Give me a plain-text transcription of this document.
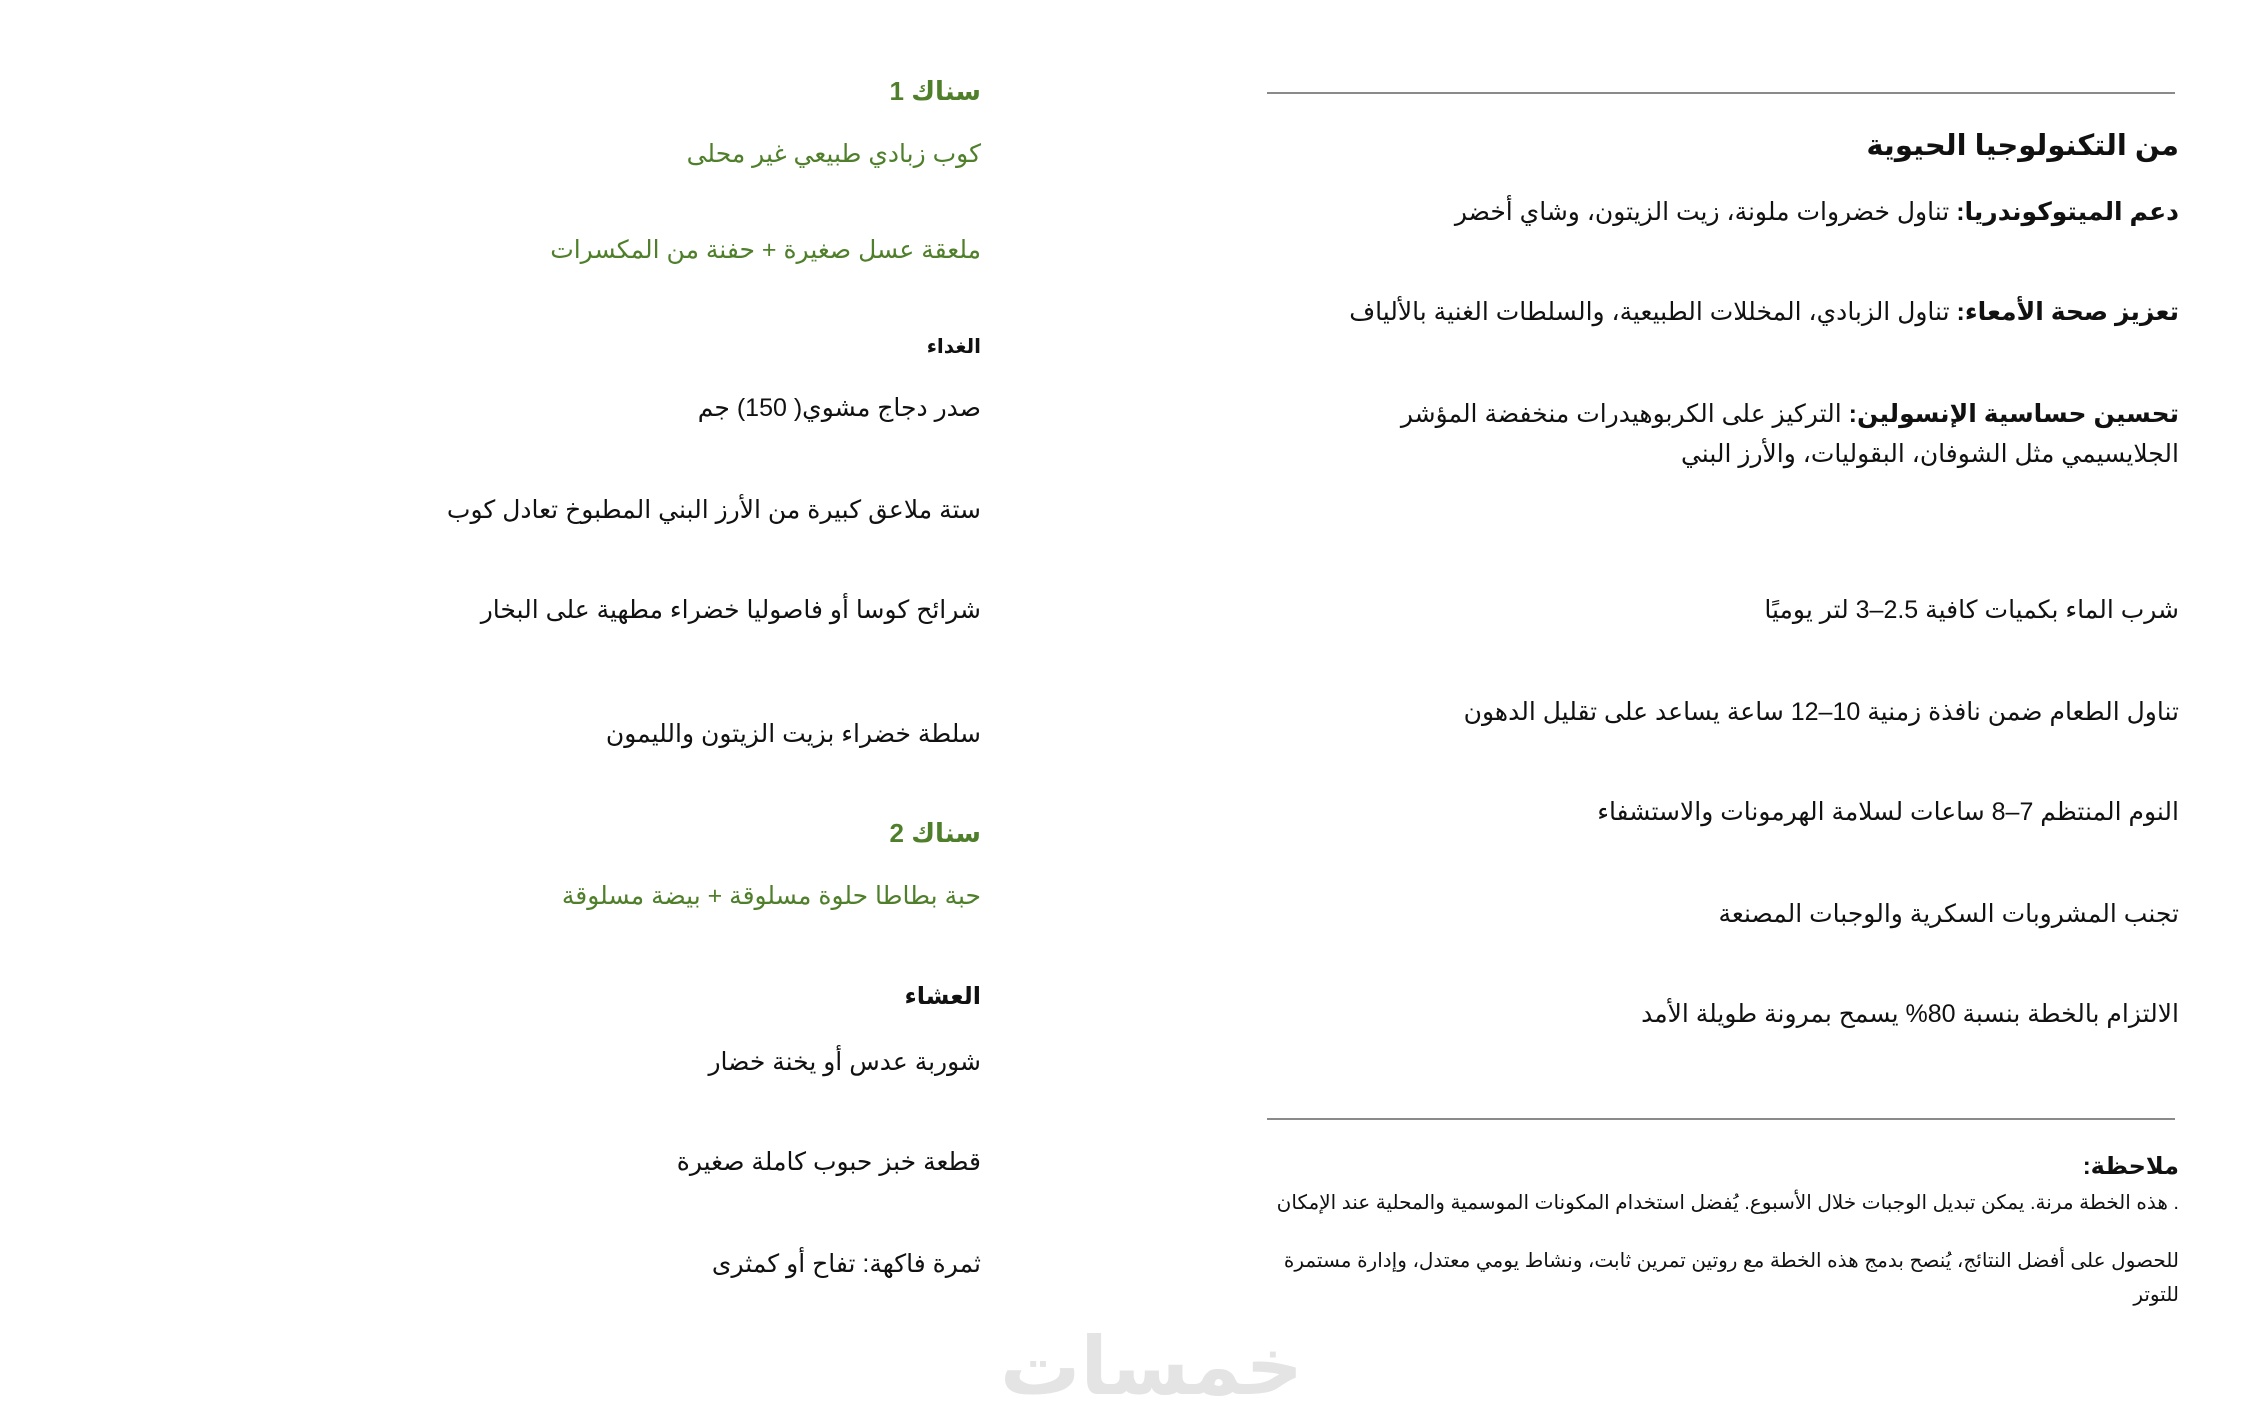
من التكنولوجيا الحيوية
دعم الميتوكوندريا: تناول خضروات ملونة، زيت الزيتون، وشاي أخضر
تعزيز صحة الأمعاء: تناول الزبادي، المخللات الطبيعية، والسلطات الغنية بالألياف
تحسين حساسية الإنسولين: التركيز على الكربوهيدرات منخفضة المؤشر الجلايسيمي مثل الشوفان، البقوليات، والأرز البني
شرب الماء بكميات كافية 2.5–3 لتر يوميًا
تناول الطعام ضمن نافذة زمنية 10–12 ساعة يساعد على تقليل الدهون
النوم المنتظم 7–8 ساعات لسلامة الهرمونات والاستشفاء
تجنب المشروبات السكرية والوجبات المصنعة
الالتزام بالخطة بنسبة 80% يسمح بمرونة طويلة الأمد
ملاحظة:
. هذه الخطة مرنة. يمكن تبديل الوجبات خلال الأسبوع. يُفضل استخدام المكونات الموسمية والمحلية عند الإمكان
للحصول على أفضل النتائج، يُنصح بدمج هذه الخطة مع روتين تمرين ثابت، ونشاط يومي معتدل، وإدارة مستمرة للتوتر
سناك 1
كوب زبادي طبيعي غير محلى
ملعقة عسل صغيرة + حفنة من المكسرات
الغداء
صدر دجاج مشوي( 150) جم
ستة ملاعق كبيرة من الأرز البني المطبوخ تعادل كوب
شرائح كوسا أو فاصوليا خضراء مطهية على البخار
سلطة خضراء بزيت الزيتون والليمون
سناك 2
حبة بطاطا حلوة مسلوقة + بيضة مسلوقة
العشاء
شوربة عدس أو يخنة خضار
قطعة خبز حبوب كاملة صغيرة
ثمرة فاكهة: تفاح أو كمثرى
خمسات
